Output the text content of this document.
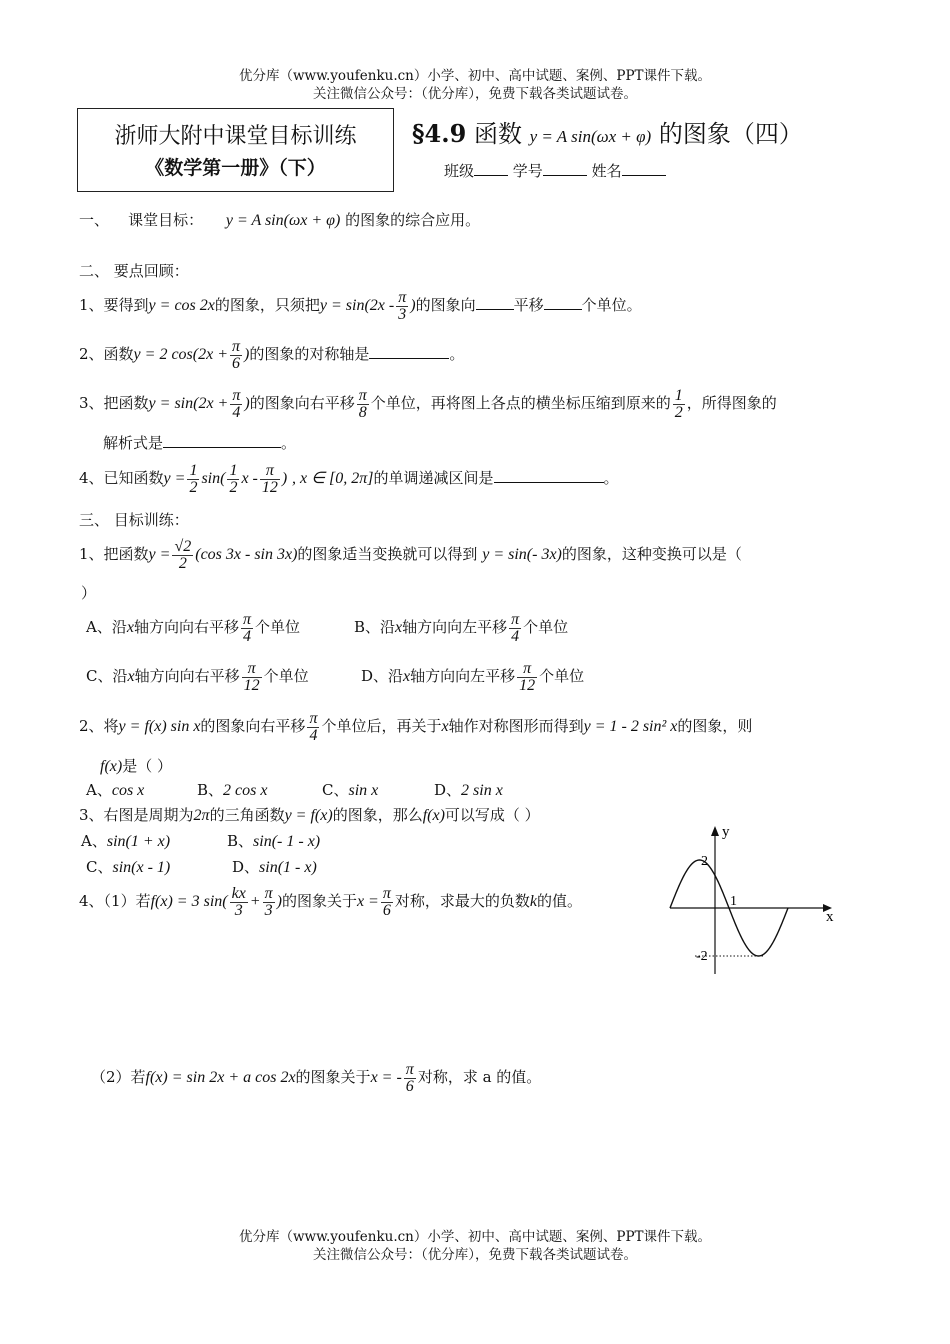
优分库（www.youfenku.cn）小学、初中、高中试题、案例、PPT课件下载。
关注微信公众号：（优分库），免费下载各类试题试卷。
浙师大附中课堂目标训练
《数学第一册》（下）
§4.9 函数 y = A sin(ωx + φ) 的图象（四）
班级	学号	姓名
一、    课堂目标： y = A sin(ωx + φ) 的图象的综合应用。
二、 要点回顾：
1、要得到y = cos 2x的图象，只须把$y = \sin(2x - \frac{\pi}{3}$ )的图象向	平移	个单位。
2、函数y = 2 $\cos(2x + \frac{\pi}{6}$ )的图象的对称轴是	。
3、把函数$y = \sin(2x + \frac{\pi}{4}$ )的图象向右平移 $\frac{\pi}{8}$ 个单位，再将图上各点的横坐标压缩到原来的 $\frac{1}{2}$ ，所得图象的
解析式是	。
4、已知函数$y = \frac{1}{2} \sin( \frac{1}{2}$ x - $\frac{\pi}{12}$ ) , x ∈ [0, 2π]的单调递减区间是	。
三、 目标训练：
1、把函数$y = \frac{√2}{2} (\cos$ 3x - sin 3x)的图象适当变换就可以得到 y = sin(- 3x)的图象，这种变换可以是（
）
A、沿x轴方向向右平移 $\frac{\pi}{4}$ 个单位	B、沿x轴方向向左平移 $\frac{\pi}{4}$ 个单位
C、沿x轴方向向右平移 $\frac{\pi}{12}$ 个单位	D、沿x轴方向向左平移 $\frac{\pi}{12}$ 个单位
2、将y = f(x) sin x的图象向右平移 $\frac{\pi}{4}$ 个单位后，再关于x轴作对称图形而得到y = 1 - 2 sin² x的图象，则
f(x)是（ ）
A、cos x	B、2 cos x	C、sin x	D、2 sin x
3、右图是周期为2π的三角函数y = f(x)的图象，那么f(x)可以写成（ ）
A、sin(1 + x)	B、sin(- 1 - x)
C、sin(x - 1)	D、sin(1 - x)
4、（1）若f(x) = 3 $\sin( \frac{kx}{3} + \frac{\pi}{3}$ )的图象关于$x = \frac{\pi}{6}$ 对称，求最大的负数k的值。
（2）若f(x) = sin 2x + a cos 2x的图象关于x = - $\frac{\pi}{6}$ 对称，求 a 的值。
y
x
2
1
-2
优分库（www.youfenku.cn）小学、初中、高中试题、案例、PPT课件下载。
关注微信公众号：（优分库），免费下载各类试题试卷。
